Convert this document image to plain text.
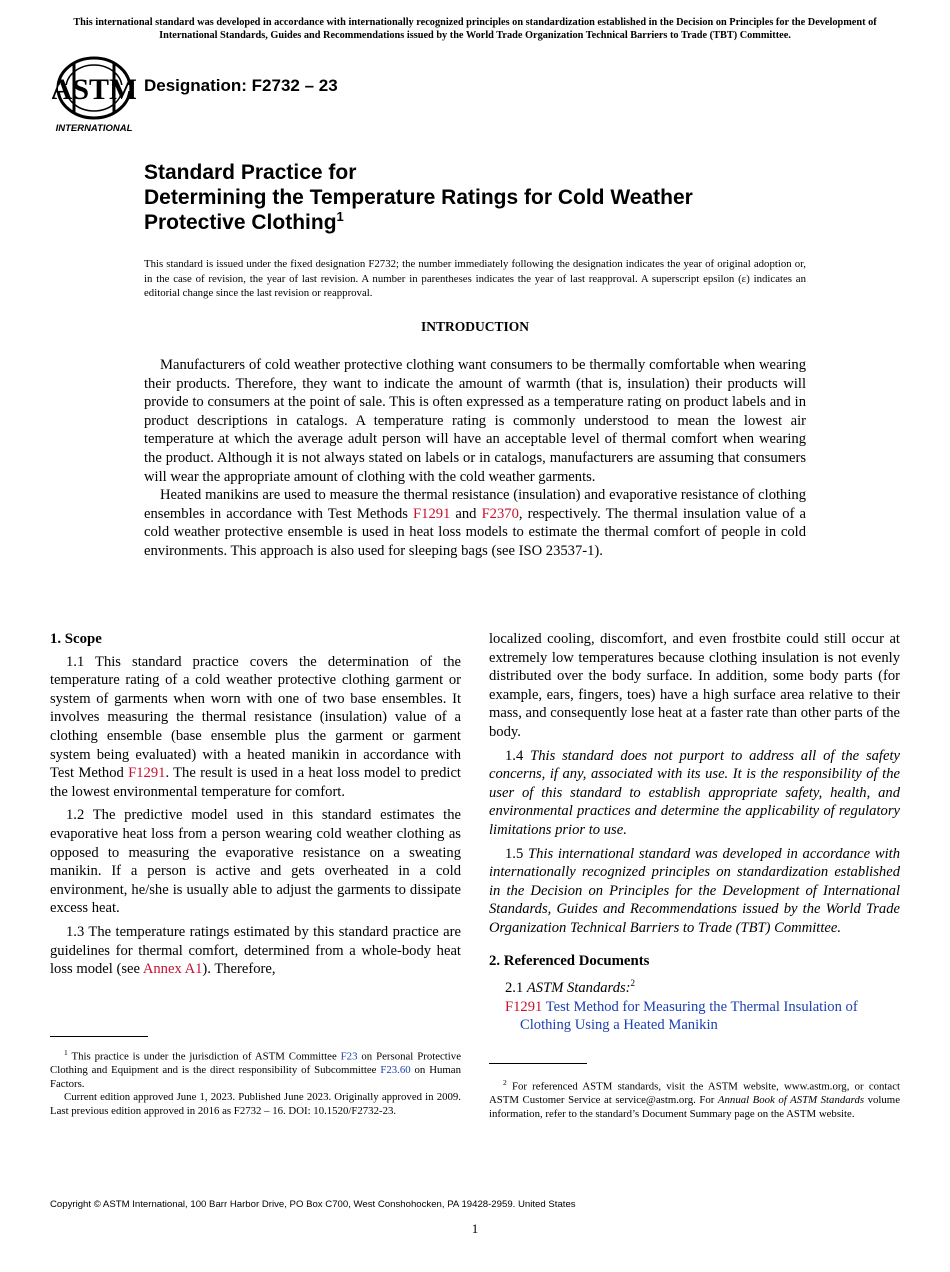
This international standard was developed in accordance with internationally recognized principles on standardization established in the Decision on Principles for the Development of International Standards, Guides and Recommendations issued by the World Trade Organization Technical Barriers to Trade (TBT) Committee.
ASTM
INTERNATIONAL
Designation: F2732 – 23
Standard Practice for
Determining the Temperature Ratings for Cold Weather
Protective Clothing$^1$
This standard is issued under the fixed designation F2732; the number immediately following the designation indicates the year of original adoption or, in the case of revision, the year of last revision. A number in parentheses indicates the year of last reapproval. A superscript epsilon (ε) indicates an editorial change since the last revision or reapproval.
INTRODUCTION

Manufacturers of cold weather protective clothing want consumers to be thermally comfortable when wearing their products. Therefore, they want to indicate the amount of warmth (that is, insulation) their products will provide to consumers at the point of sale. This is often expressed as a temperature rating on product labels and in product descriptions in catalogs. A temperature rating is commonly understood to mean the lowest air temperature at which the average adult person will have an acceptable level of thermal comfort when wearing the product. Although it is not always stated on labels or in catalogs, manufacturers are assuming that consumers will wear the appropriate amount of clothing with the cold weather garments.

Heated manikins are used to measure the thermal resistance (insulation) and evaporative resistance of clothing ensembles in accordance with Test Methods F1291 and F2370, respectively. The thermal insulation value of a cold weather protective ensemble is used in heat loss models to estimate the thermal comfort of people in cold environments. This approach is also used for sleeping bags (see ISO 23537-1).

1. Scope

1.1 This standard practice covers the determination of the temperature rating of a cold weather protective clothing garment or system of garments when worn with one of two base ensembles. It involves measuring the thermal resistance (insulation) value of a clothing ensemble (base ensemble plus the garment or garment system being evaluated) with a heated manikin in accordance with Test Method F1291. The result is used in a heat loss model to predict the lowest environmental temperature for comfort.

1.2 The predictive model used in this standard estimates the evaporative heat loss from a person wearing cold weather clothing as opposed to measuring the evaporative resistance on a sweating manikin. If a person is active and gets overheated in a cold environment, he/she is usually able to adjust the garments to dissipate excess heat.

1.3 The temperature ratings estimated by this standard practice are guidelines for thermal comfort, determined from a whole-body heat loss model (see Annex A1). Therefore,

$^1$ This practice is under the jurisdiction of ASTM Committee F23 on Personal Protective Clothing and Equipment and is the direct responsibility of Subcommittee F23.60 on Human Factors.

Current edition approved June 1, 2023. Published June 2023. Originally approved in 2009. Last previous edition approved in 2016 as F2732 – 16. DOI: 10.1520/F2732-23.

localized cooling, discomfort, and even frostbite could still occur at extremely low temperatures because clothing insulation is not evenly distributed over the body surface. In addition, some body parts (for example, ears, fingers, toes) have a high surface area relative to their mass, and consequently lose heat at a faster rate than other parts of the body.

1.4 This standard does not purport to address all of the safety concerns, if any, associated with its use. It is the responsibility of the user of this standard to establish appropriate safety, health, and environmental practices and determine the applicability of regulatory limitations prior to use.

1.5 This international standard was developed in accordance with internationally recognized principles on standardization established in the Decision on Principles for the Development of International Standards, Guides and Recommendations issued by the World Trade Organization Technical Barriers to Trade (TBT) Committee.

2. Referenced Documents

2.1 ASTM Standards:$^2$

F1291 Test Method for Measuring the Thermal Insulation of Clothing Using a Heated Manikin

$^2$ For referenced ASTM standards, visit the ASTM website, www.astm.org, or contact ASTM Customer Service at service@astm.org. For Annual Book of ASTM Standards volume information, refer to the standard’s Document Summary page on the ASTM website.

Copyright © ASTM International, 100 Barr Harbor Drive, PO Box C700, West Conshohocken, PA 19428-2959. United States
1
